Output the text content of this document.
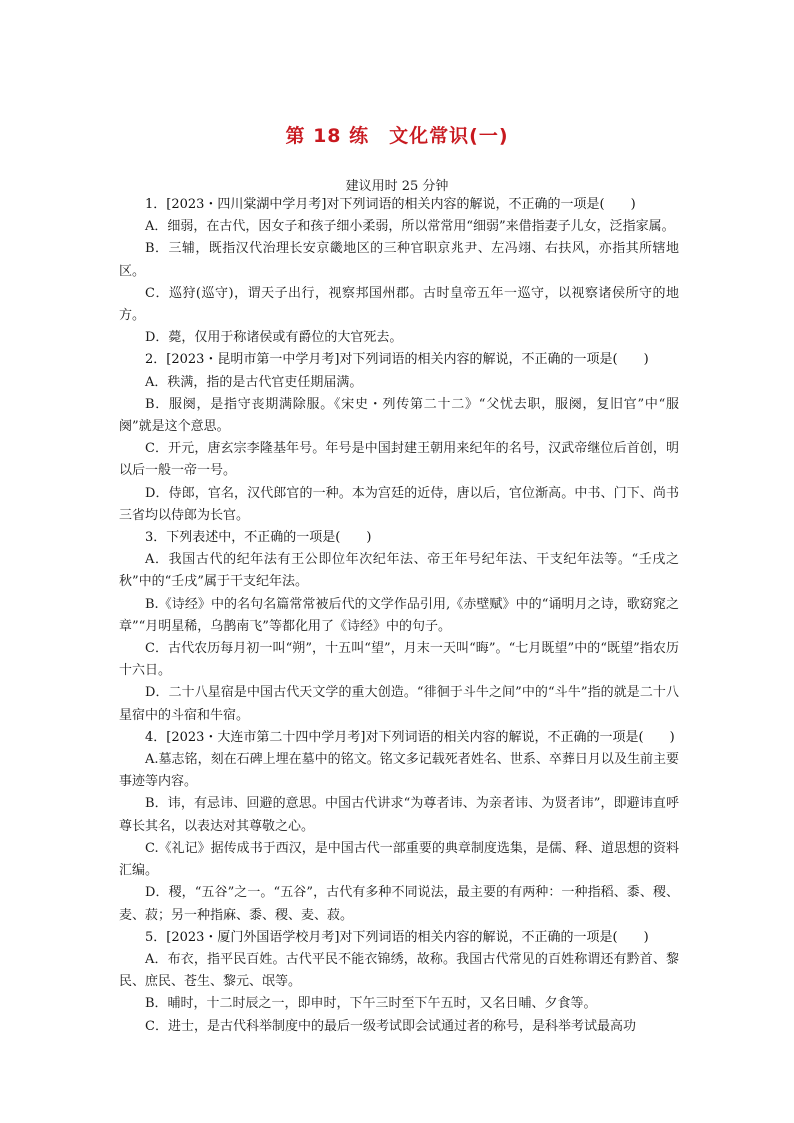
第 18 练　文化常识(一)
建议用时 25 分钟

1．[2023・四川棠湖中学月考]对下列词语的相关内容的解说，不正确的一项是(　　)

A．细弱，在古代，因女子和孩子细小柔弱，所以常常用“细弱”来借指妻子儿女，泛指家属。

B．三辅，既指汉代治理长安京畿地区的三种官职京兆尹、左冯翊、右扶风，亦指其所辖地区。

C．巡狩(巡守)，谓天子出行，视察邦国州郡。古时皇帝五年一巡守，以视察诸侯所守的地方。

D．薨，仅用于称诸侯或有爵位的大官死去。

2．[2023・昆明市第一中学月考]对下列词语的相关内容的解说，不正确的一项是(　　)

A．秩满，指的是古代官吏任期届满。

B．服阕，是指守丧期满除服。《宋史・列传第二十二》“父忧去职，服阕，复旧官”中“服阕”就是这个意思。

C．开元，唐玄宗李隆基年号。年号是中国封建王朝用来纪年的名号，汉武帝继位后首创，明以后一般一帝一号。

D．侍郎，官名，汉代郎官的一种。本为宫廷的近侍，唐以后，官位渐高。中书、门下、尚书三省均以侍郎为长官。

3．下列表述中，不正确的一项是(　　)

A．我国古代的纪年法有王公即位年次纪年法、帝王年号纪年法、干支纪年法等。“壬戌之秋”中的“壬戌”属于干支纪年法。

B.《诗经》中的名句名篇常常被后代的文学作品引用,《赤壁赋》中的“诵明月之诗，歌窈窕之章”“月明星稀，乌鹊南飞”等都化用了《诗经》中的句子。

C．古代农历每月初一叫“朔”，十五叫“望”，月末一天叫“晦”。“七月既望”中的“既望”指农历十六日。

D．二十八星宿是中国古代天文学的重大创造。“徘徊于斗牛之间”中的“斗牛”指的就是二十八星宿中的斗宿和牛宿。

4．[2023・大连市第二十四中学月考]对下列词语的相关内容的解说，不正确的一项是(　　)

A.墓志铭，刻在石碑上埋在墓中的铭文。铭文多记载死者姓名、世系、卒葬日月以及生前主要事迹等内容。

B．讳，有忌讳、回避的意思。中国古代讲求“为尊者讳、为亲者讳、为贤者讳”，即避讳直呼尊长其名，以表达对其尊敬之心。

C.《礼记》据传成书于西汉，是中国古代一部重要的典章制度选集，是儒、释、道思想的资料汇编。

D．稷，“五谷”之一。“五谷”，古代有多种不同说法，最主要的有两种：一种指稻、黍、稷、麦、菽；另一种指麻、黍、稷、麦、菽。

5．[2023・厦门外国语学校月考]对下列词语的相关内容的解说，不正确的一项是(　　)

A．布衣，指平民百姓。古代平民不能衣锦绣，故称。我国古代常见的百姓称谓还有黔首、黎民、庶民、苍生、黎元、氓等。

B．晡时，十二时辰之一，即申时，下午三时至下午五时，又名日晡、夕食等。

C．进士，是古代科举制度中的最后一级考试即会试通过者的称号，是科举考试最高功
